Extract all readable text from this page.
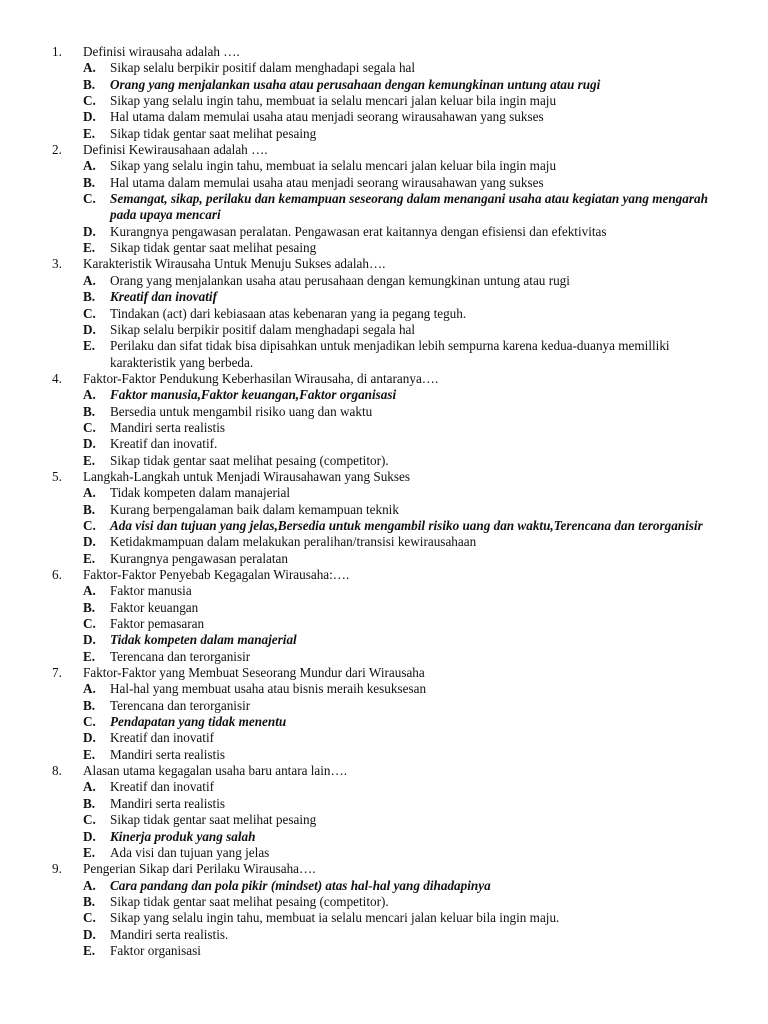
1. Definisi wirausaha adalah ….
A. Sikap selalu berpikir positif dalam menghadapi segala hal
B. Orang yang menjalankan usaha atau perusahaan dengan kemungkinan untung atau rugi
C. Sikap yang selalu ingin tahu, membuat ia selalu mencari jalan keluar bila ingin maju
D. Hal utama dalam memulai usaha atau menjadi seorang wirausahawan yang sukses
E. Sikap tidak gentar saat melihat pesaing
2. Definisi Kewirausahaan adalah ….
A. Sikap yang selalu ingin tahu, membuat ia selalu mencari jalan keluar bila ingin maju
B. Hal utama dalam memulai usaha atau menjadi seorang wirausahawan yang sukses
C. Semangat, sikap, perilaku dan kemampuan seseorang dalam menangani usaha atau kegiatan yang mengarah pada upaya mencari
D. Kurangnya pengawasan peralatan. Pengawasan erat kaitannya dengan efisiensi dan efektivitas
E. Sikap tidak gentar saat melihat pesaing
3. Karakteristik Wirausaha Untuk Menuju Sukses adalah….
A. Orang yang menjalankan usaha atau perusahaan dengan kemungkinan untung atau rugi
B. Kreatif dan inovatif
C. Tindakan (act) dari kebiasaan atas kebenaran yang ia pegang teguh.
D. Sikap selalu berpikir positif dalam menghadapi segala hal
E. Perilaku dan sifat tidak bisa dipisahkan untuk menjadikan lebih sempurna karena kedua-duanya memilliki karakteristik yang berbeda.
4. Faktor-Faktor Pendukung Keberhasilan Wirausaha, di antaranya….
A. Faktor manusia,Faktor keuangan,Faktor organisasi
B. Bersedia untuk mengambil risiko uang dan waktu
C. Mandiri serta realistis
D. Kreatif dan inovatif.
E. Sikap tidak gentar saat melihat pesaing (competitor).
5. Langkah-Langkah untuk Menjadi Wirausahawan yang Sukses
A. Tidak kompeten dalam manajerial
B. Kurang berpengalaman baik dalam kemampuan teknik
C. Ada visi dan tujuan yang jelas,Bersedia untuk mengambil risiko uang dan waktu,Terencana dan terorganisir
D. Ketidakmampuan dalam melakukan peralihan/transisi kewirausahaan
E. Kurangnya pengawasan peralatan
6. Faktor-Faktor Penyebab Kegagalan Wirausaha:….
A. Faktor manusia
B. Faktor keuangan
C. Faktor pemasaran
D. Tidak kompeten dalam manajerial
E. Terencana dan terorganisir
7. Faktor-Faktor yang Membuat Seseorang Mundur dari Wirausaha
A. Hal-hal yang membuat usaha atau bisnis meraih kesuksesan
B. Terencana dan terorganisir
C. Pendapatan yang tidak menentu
D. Kreatif dan inovatif
E. Mandiri serta realistis
8. Alasan utama kegagalan usaha baru antara lain….
A. Kreatif dan inovatif
B. Mandiri serta realistis
C. Sikap tidak gentar saat melihat pesaing
D. Kinerja produk yang salah
E. Ada visi dan tujuan yang jelas
9. Pengerian Sikap dari Perilaku Wirausaha….
A. Cara pandang dan pola pikir (mindset) atas hal-hal yang dihadapinya
B. Sikap tidak gentar saat melihat pesaing (competitor).
C. Sikap yang selalu ingin tahu, membuat ia selalu mencari jalan keluar bila ingin maju.
D. Mandiri serta realistis.
E. Faktor organisasi
